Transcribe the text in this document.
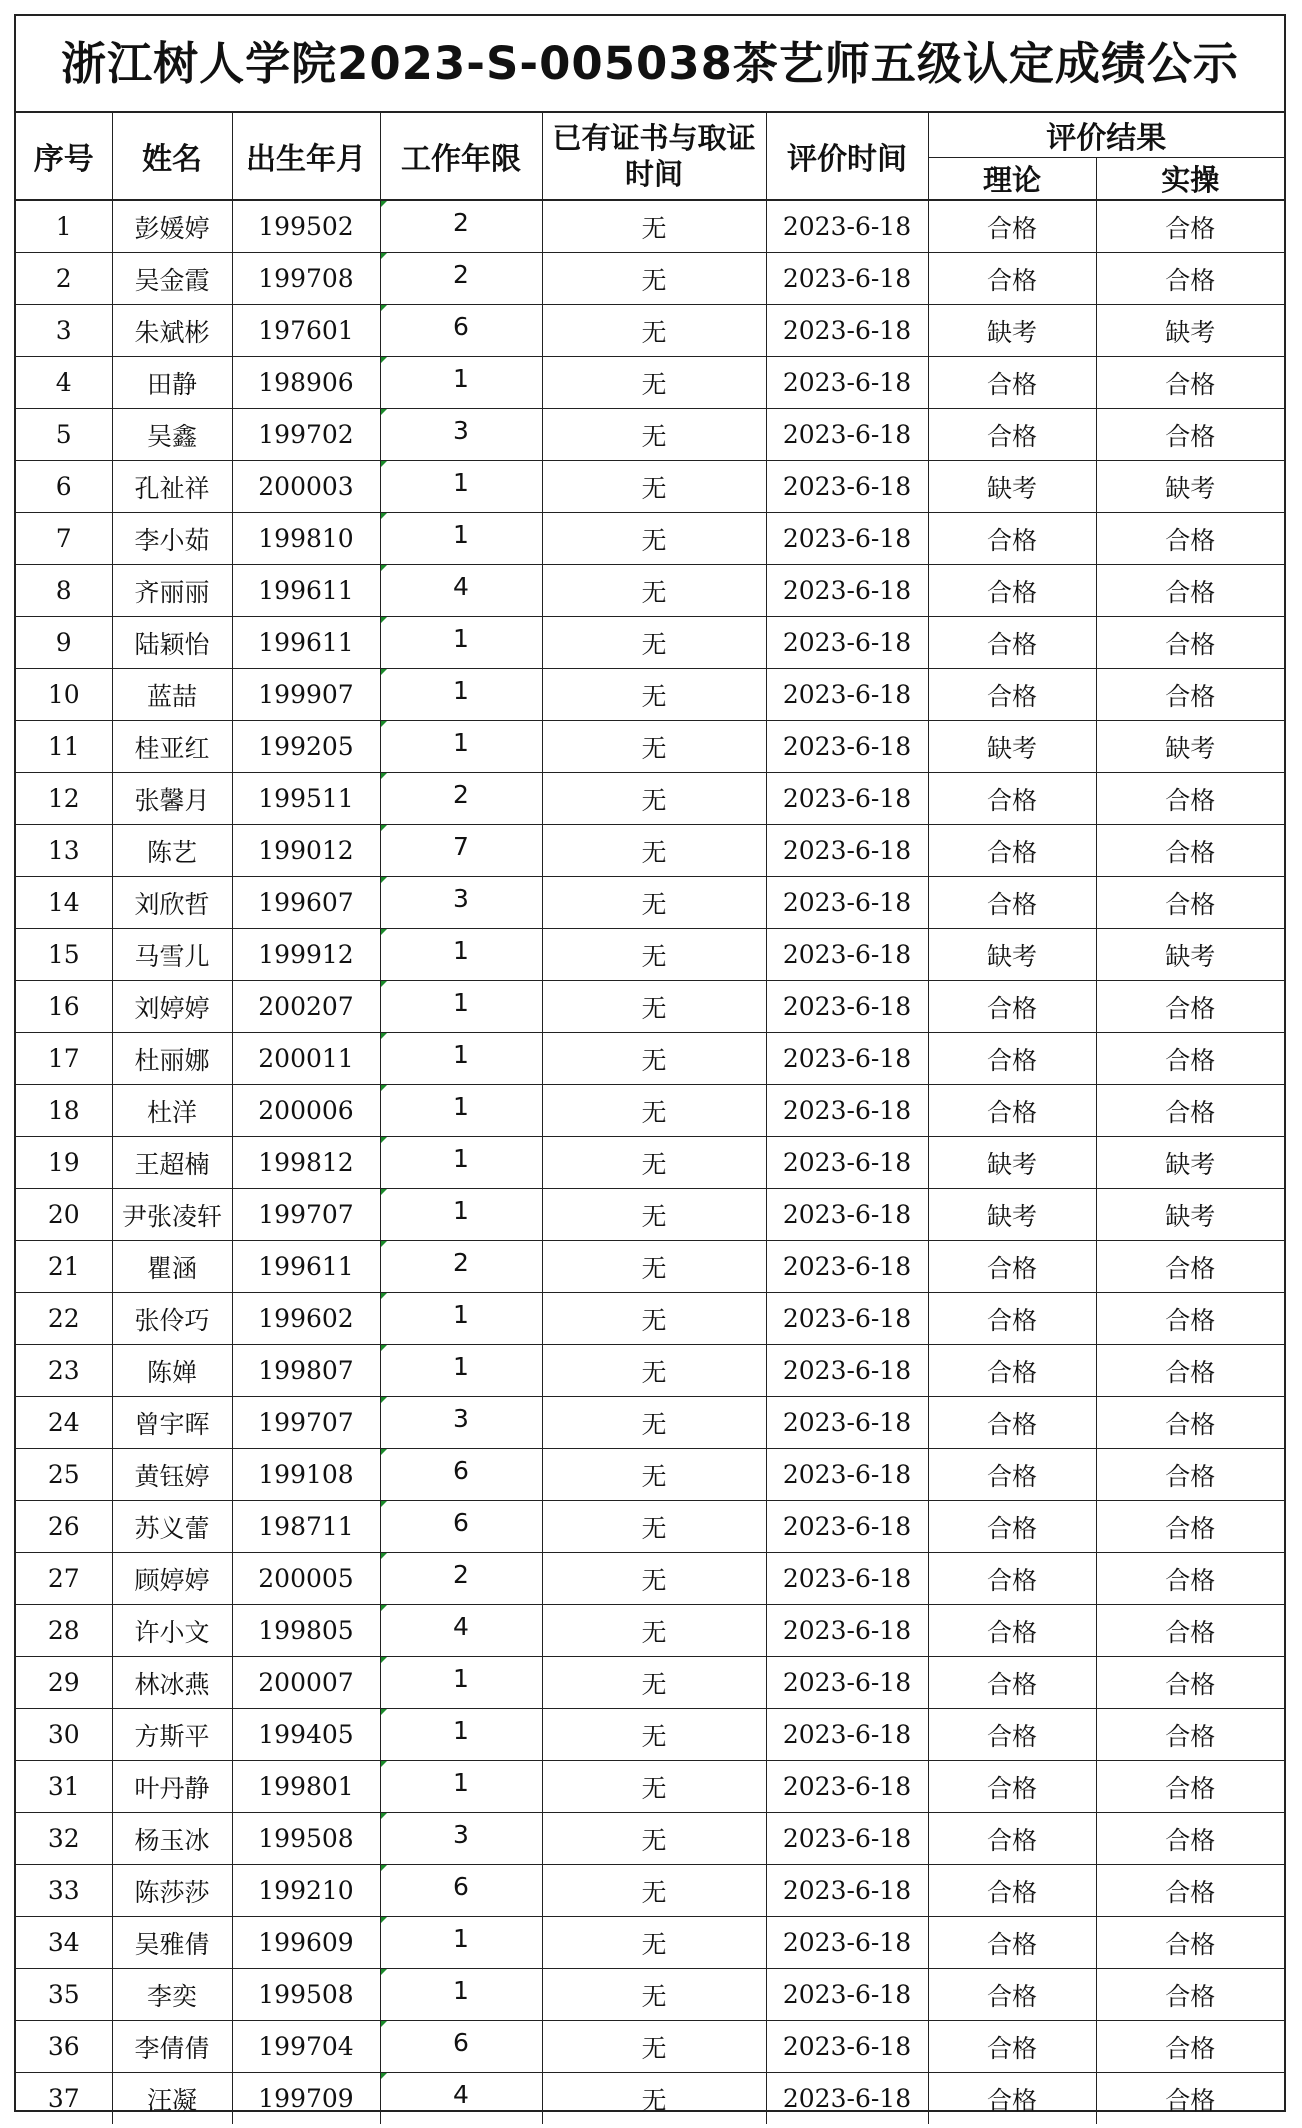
浙江树人学院2023-S-005038茶艺师五级认定成绩公示
序号	姓名	出生年月	工作年限	已有证书与取证时间	评价时间	评价结果	
						理论	实操
1	彭媛婷	199502	2	无	2023-6-18	合格	合格
2	吴金霞	199708	2	无	2023-6-18	合格	合格
3	朱斌彬	197601	6	无	2023-6-18	缺考	缺考
4	田静	198906	1	无	2023-6-18	合格	合格
5	吴鑫	199702	3	无	2023-6-18	合格	合格
6	孔祉祥	200003	1	无	2023-6-18	缺考	缺考
7	李小茹	199810	1	无	2023-6-18	合格	合格
8	齐丽丽	199611	4	无	2023-6-18	合格	合格
9	陆颖怡	199611	1	无	2023-6-18	合格	合格
10	蓝喆	199907	1	无	2023-6-18	合格	合格
11	桂亚红	199205	1	无	2023-6-18	缺考	缺考
12	张馨月	199511	2	无	2023-6-18	合格	合格
13	陈艺	199012	7	无	2023-6-18	合格	合格
14	刘欣哲	199607	3	无	2023-6-18	合格	合格
15	马雪儿	199912	1	无	2023-6-18	缺考	缺考
16	刘婷婷	200207	1	无	2023-6-18	合格	合格
17	杜丽娜	200011	1	无	2023-6-18	合格	合格
18	杜洋	200006	1	无	2023-6-18	合格	合格
19	王超楠	199812	1	无	2023-6-18	缺考	缺考
20	尹张凌轩	199707	1	无	2023-6-18	缺考	缺考
21	瞿涵	199611	2	无	2023-6-18	合格	合格
22	张伶巧	199602	1	无	2023-6-18	合格	合格
23	陈婵	199807	1	无	2023-6-18	合格	合格
24	曾宇晖	199707	3	无	2023-6-18	合格	合格
25	黄钰婷	199108	6	无	2023-6-18	合格	合格
26	苏义蕾	198711	6	无	2023-6-18	合格	合格
27	顾婷婷	200005	2	无	2023-6-18	合格	合格
28	许小文	199805	4	无	2023-6-18	合格	合格
29	林冰燕	200007	1	无	2023-6-18	合格	合格
30	方斯平	199405	1	无	2023-6-18	合格	合格
31	叶丹静	199801	1	无	2023-6-18	合格	合格
32	杨玉冰	199508	3	无	2023-6-18	合格	合格
33	陈莎莎	199210	6	无	2023-6-18	合格	合格
34	吴雅倩	199609	1	无	2023-6-18	合格	合格
35	李奕	199508	1	无	2023-6-18	合格	合格
36	李倩倩	199704	6	无	2023-6-18	合格	合格
37	汪凝	199709	4	无	2023-6-18	合格	合格
